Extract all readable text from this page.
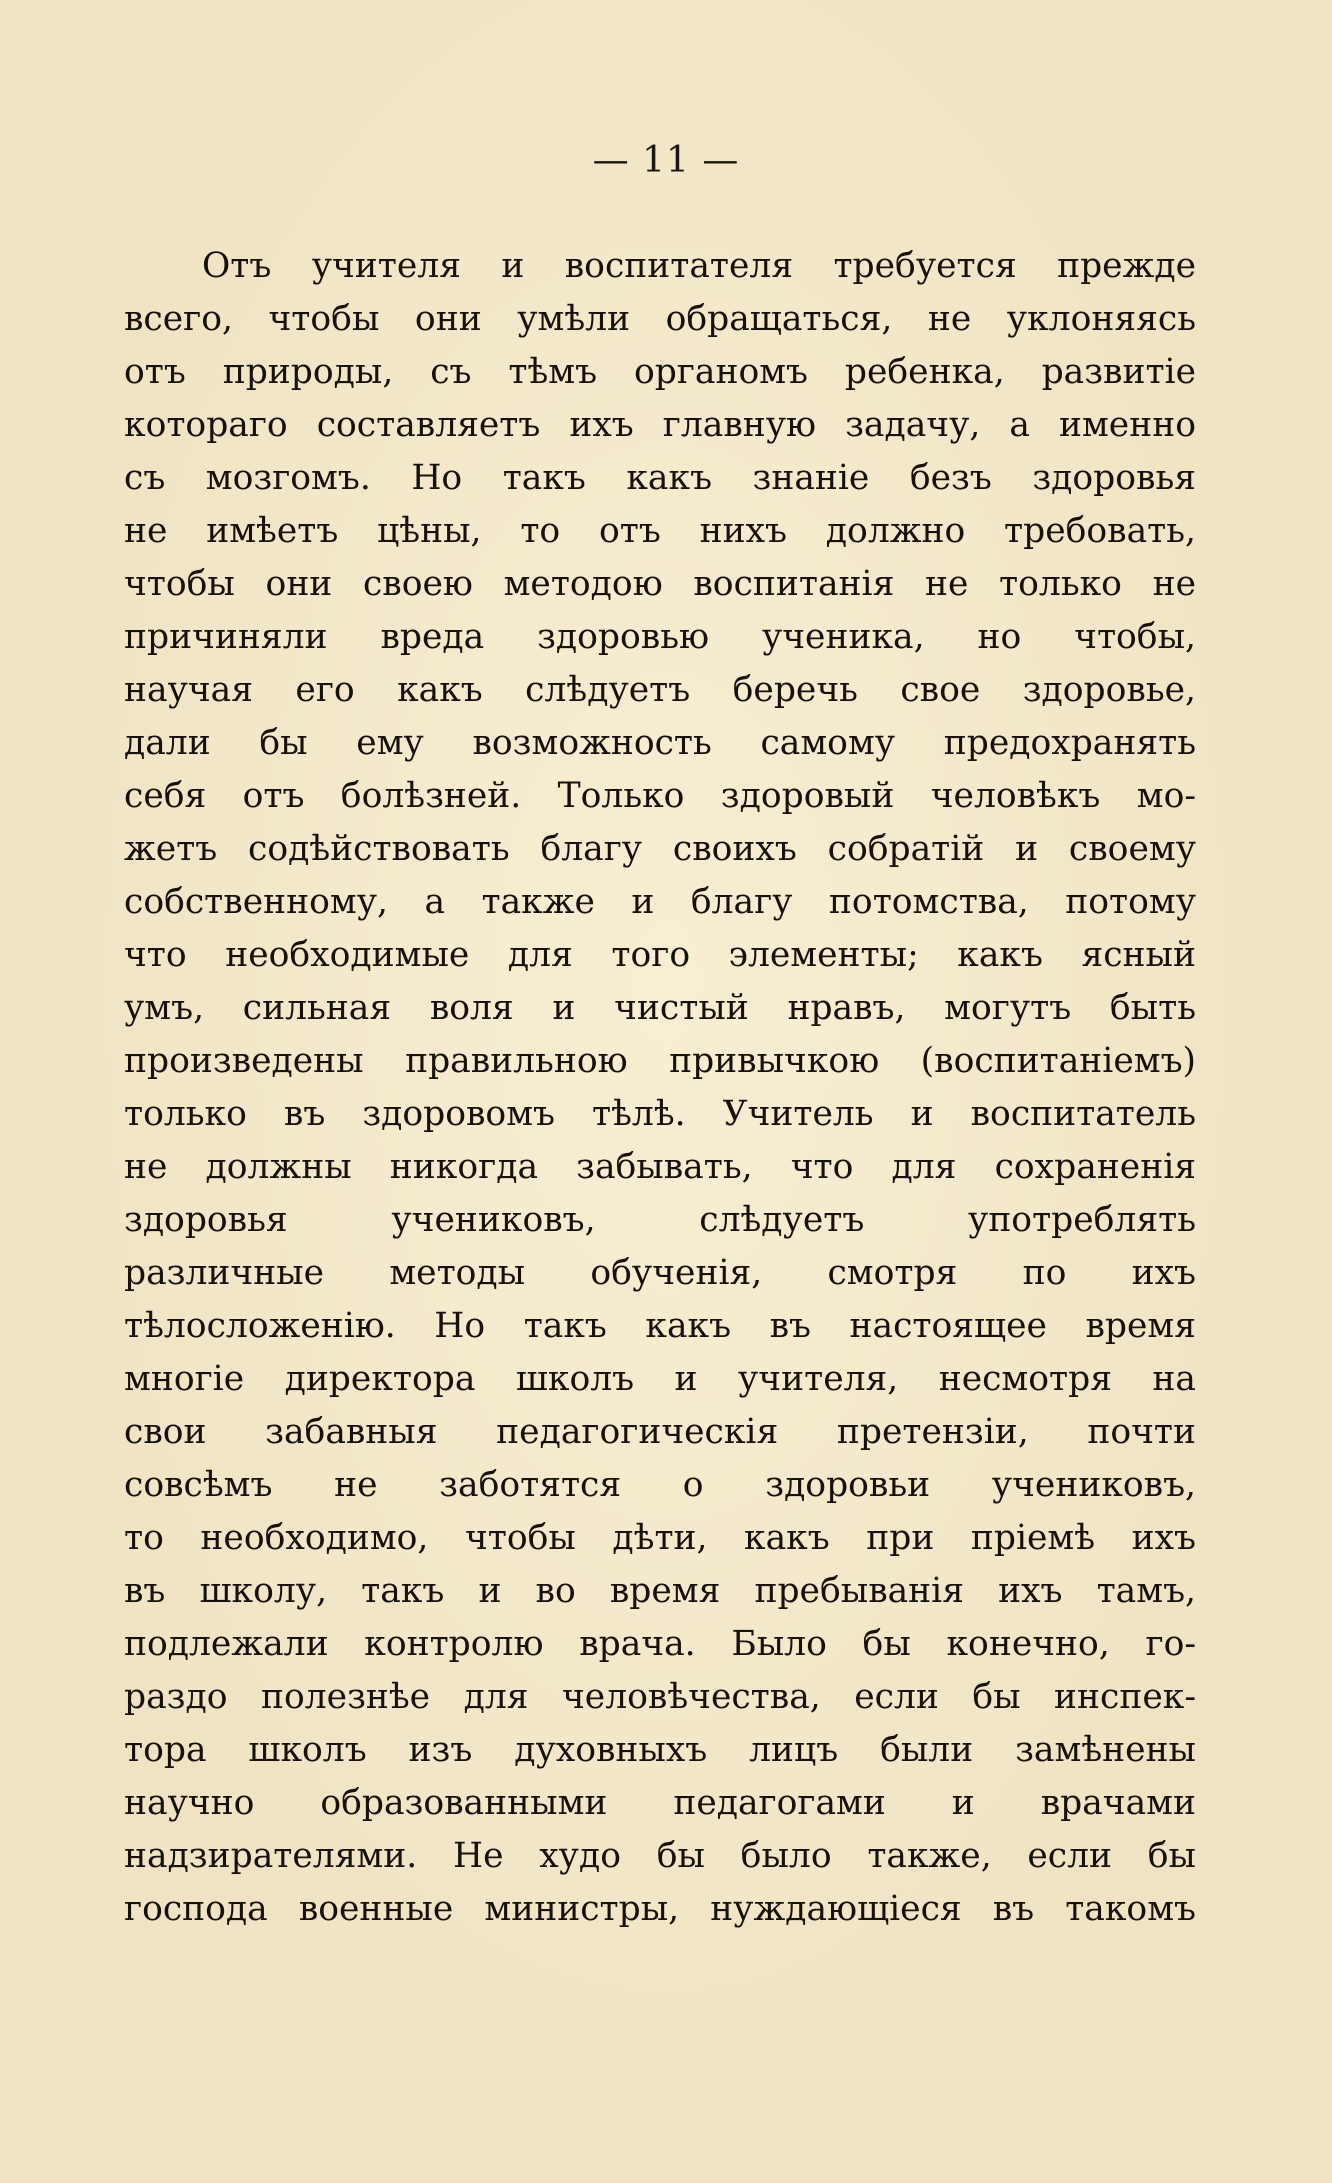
— 11 —
Отъ учителя и воспитателя требуется прежде
всего, чтобы они умѣли обращаться, не уклоняясь
отъ природы, съ тѣмъ органомъ ребенка, развитіе
котораго составляетъ ихъ главную задачу, а именно
съ мозгомъ. Но такъ какъ знаніе безъ здоровья
не имѣетъ цѣны, то отъ нихъ должно требовать,
чтобы они своею методою воспитанія не только не
причиняли вреда здоровью ученика, но чтобы,
научая его какъ слѣдуетъ беречь свое здоровье,
дали бы ему возможность самому предохранять
себя отъ болѣзней. Только здоровый человѣкъ мо-
жетъ содѣйствовать благу своихъ собратій и своему
собственному, а также и благу потомства, потому
что необходимые для того элементы; какъ ясный
умъ, сильная воля и чистый нравъ, могутъ быть
произведены правильною привычкою (воспитаніемъ)
только въ здоровомъ тѣлѣ. Учитель и воспитатель
не должны никогда забывать, что для сохраненія
здоровья учениковъ, слѣдуетъ употреблять
различные методы обученія, смотря по ихъ
тѣлосложенію. Но такъ какъ въ настоящее время
многіе директора школъ и учителя, несмотря на
свои забавныя педагогическія претензіи, почти
совсѣмъ не заботятся о здоровьи учениковъ,
то необходимо, чтобы дѣти, какъ при пріемѣ ихъ
въ школу, такъ и во время пребыванія ихъ тамъ,
подлежали контролю врача. Было бы конечно, го-
раздо полезнѣе для человѣчества, если бы инспек-
тора школъ изъ духовныхъ лицъ были замѣнены
научно образованными педагогами и врачами
надзирателями. Не худо бы было также, если бы
господа военные министры, нуждающіеся въ такомъ
